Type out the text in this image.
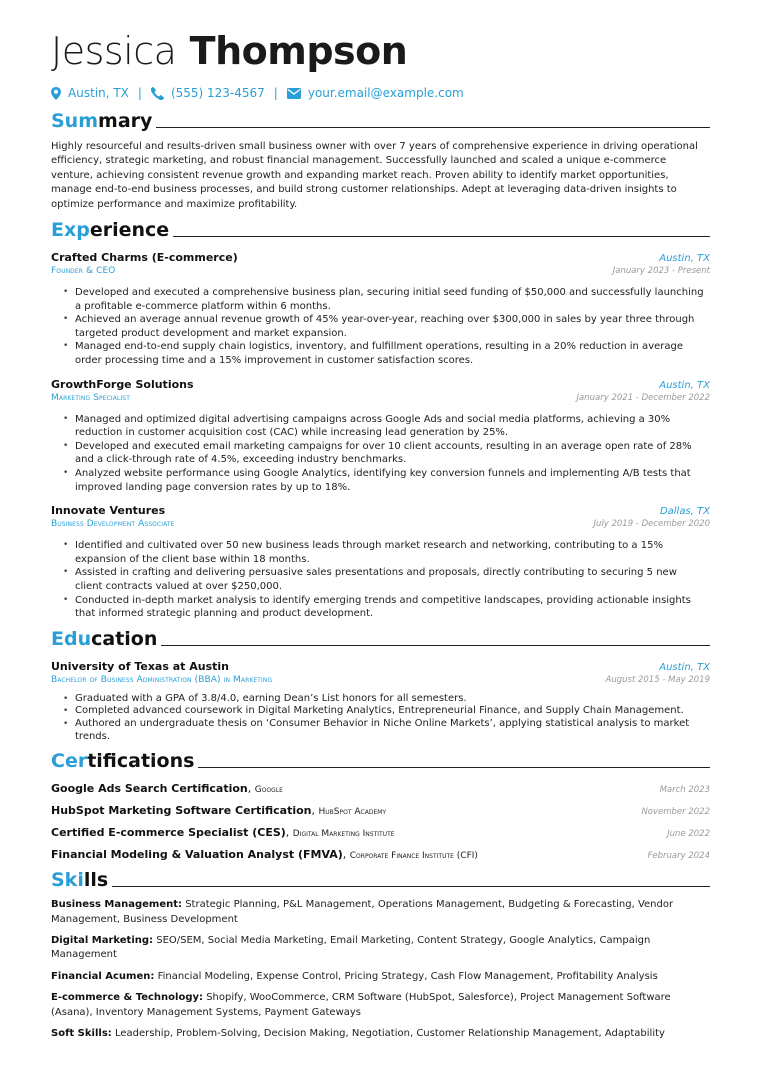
Jessica Thompson
Austin, TX | (555) 123-4567 |	your.email@example.com
Summary
Highly resourceful and results-driven small business owner with over 7 years of comprehensive experience in driving operational efficiency, strategic marketing, and robust financial management. Successfully launched and scaled a unique e-commerce venture, achieving consistent revenue growth and expanding market reach. Proven ability to identify market opportunities, manage end-to-end business processes, and build strong customer relationships. Adept at leveraging data-driven insights to optimize performance and maximize profitability.
Experience
Crafted Charms (E-commerce)	Austin, TX
Founder & CEO	January 2023 - Present
• Developed and executed a comprehensive business plan, securing initial seed funding of $50,000 and successfully launching a profitable e-commerce platform within 6 months.
• Achieved an average annual revenue growth of 45% year-over-year, reaching over $300,000 in sales by year three through targeted product development and market expansion.
• Managed end-to-end supply chain logistics, inventory, and fulfillment operations, resulting in a 20% reduction in average order processing time and a 15% improvement in customer satisfaction scores.
GrowthForge Solutions	Austin, TX
Marketing Specialist	January 2021 - December 2022
• Managed and optimized digital advertising campaigns across Google Ads and social media platforms, achieving a 30% reduction in customer acquisition cost (CAC) while increasing lead generation by 25%.
• Developed and executed email marketing campaigns for over 10 client accounts, resulting in an average open rate of 28% and a click-through rate of 4.5%, exceeding industry benchmarks.
• Analyzed website performance using Google Analytics, identifying key conversion funnels and implementing A/B tests that improved landing page conversion rates by up to 18%.
Innovate Ventures	Dallas, TX
Business Development Associate	July 2019 - December 2020
• Identified and cultivated over 50 new business leads through market research and networking, contributing to a 15% expansion of the client base within 18 months.
• Assisted in crafting and delivering persuasive sales presentations and proposals, directly contributing to securing 5 new client contracts valued at over $250,000.
• Conducted in-depth market analysis to identify emerging trends and competitive landscapes, providing actionable insights that informed strategic planning and product development.
Education
University of Texas at Austin	Austin, TX
Bachelor of Business Administration (BBA) in Marketing	August 2015 - May 2019
• Graduated with a GPA of 3.8/4.0, earning Dean’s List honors for all semesters.
• Completed advanced coursework in Digital Marketing Analytics, Entrepreneurial Finance, and Supply Chain Management.
• Authored an undergraduate thesis on ‘Consumer Behavior in Niche Online Markets’, applying statistical analysis to market trends.
Certifications
Google Ads Search Certification, Google	March 2023
HubSpot Marketing Software Certification, HubSpot Academy	November 2022
Certified E-commerce Specialist (CES), Digital Marketing Institute	June 2022
Financial Modeling & Valuation Analyst (FMVA), Corporate Finance Institute (CFI)	February 2024
Skills
Business Management: Strategic Planning, P&L Management, Operations Management, Budgeting & Forecasting, Vendor Management, Business Development
Digital Marketing: SEO/SEM, Social Media Marketing, Email Marketing, Content Strategy, Google Analytics, Campaign Management
Financial Acumen: Financial Modeling, Expense Control, Pricing Strategy, Cash Flow Management, Profitability Analysis
E-commerce & Technology: Shopify, WooCommerce, CRM Software (HubSpot, Salesforce), Project Management Software (Asana), Inventory Management Systems, Payment Gateways
Soft Skills: Leadership, Problem-Solving, Decision Making, Negotiation, Customer Relationship Management, Adaptability
